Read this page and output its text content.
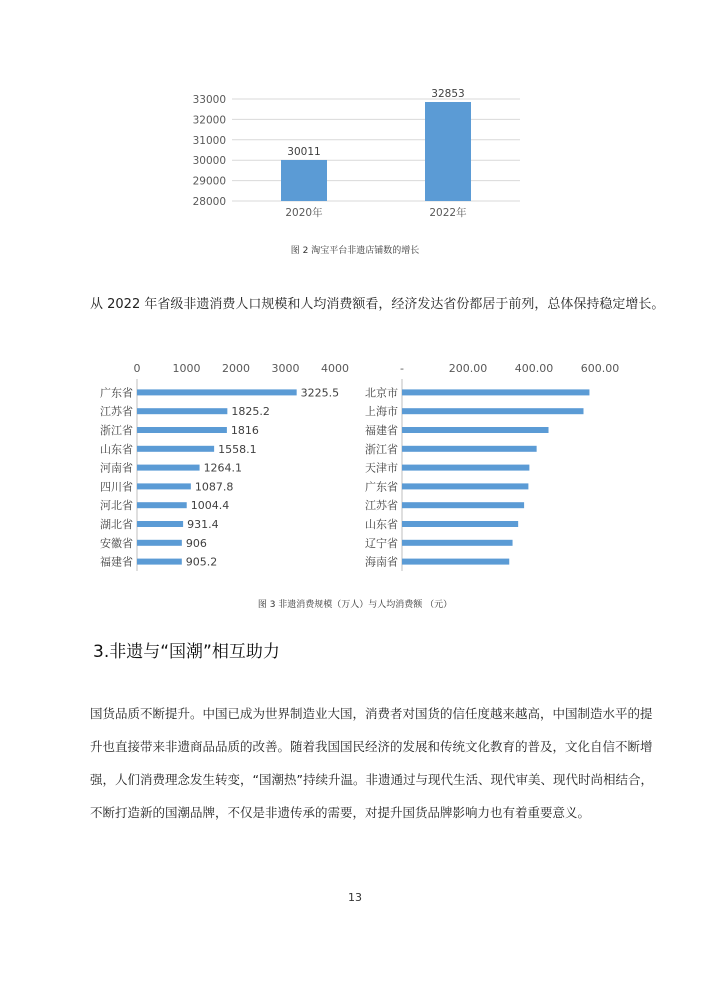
28000
29000
30000
31000
32000
33000
30011
2020年
32853
2022年
图 2 淘宝平台非遗店铺数的增长
从 2022 年省级非遗消费人口规模和人均消费额看，经济发达省份都居于前列，总体保持稳定增长。
0	1000 2000 3000 4000
广东省	3225.5
江苏省	1825.2
浙江省	1816
山东省	1558.1
河南省	1264.1
四川省	1087.8
河北省	1004.4
湖北省	931.4
安徽省	906
福建省	905.2
-	200.00	400.00	600.00
北京市
上海市
福建省
浙江省
天津市
广东省
江苏省
山东省
辽宁省
海南省
图 3 非遗消费规模（万人）与人均消费额 （元）
3.非遗与“国潮”相互助力
国货品质不断提升。中国已成为世界制造业大国，消费者对国货的信任度越来越高，中国制造水平的提升也直接带来非遗商品品质的改善。随着我国国民经济的发展和传统文化教育的普及，文化自信不断增强，人们消费理念发生转变，“国潮热”持续升温。非遗通过与现代生活、现代审美、现代时尚相结合，不断打造新的国潮品牌，不仅是非遗传承的需要，对提升国货品牌影响力也有着重要意义。
13
